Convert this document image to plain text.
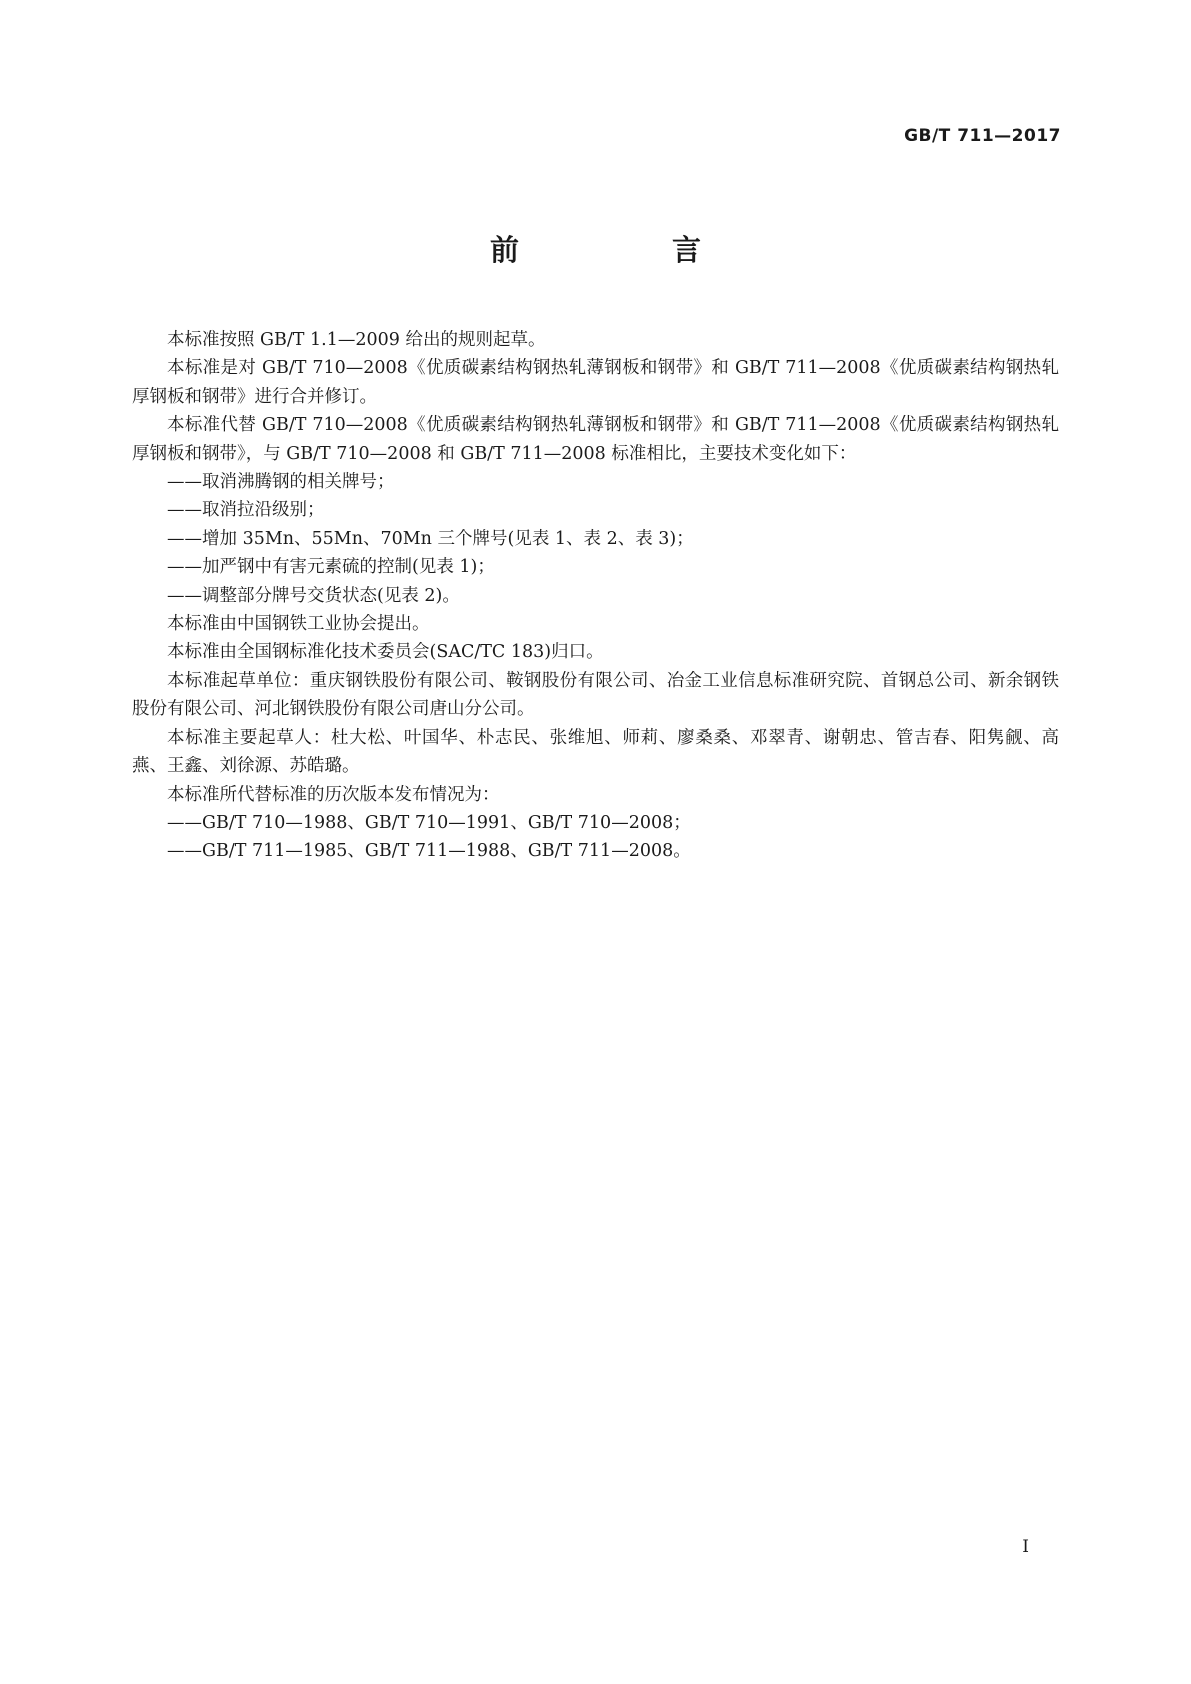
GB/T 711—2017
前　言

本标准按照 GB/T 1.1—2009 给出的规则起草。

本标准是对 GB/T 710—2008《优质碳素结构钢热轧薄钢板和钢带》和 GB/T 711—2008《优质碳素结构钢热轧厚钢板和钢带》进行合并修订。

本标准代替 GB/T 710—2008《优质碳素结构钢热轧薄钢板和钢带》和 GB/T 711—2008《优质碳素结构钢热轧厚钢板和钢带》，与 GB/T 710—2008 和 GB/T 711—2008 标准相比，主要技术变化如下：

——取消沸腾钢的相关牌号；

——取消拉沿级别；

——增加 35Mn、55Mn、70Mn 三个牌号(见表 1、表 2、表 3)；

——加严钢中有害元素硫的控制(见表 1)；

——调整部分牌号交货状态(见表 2)。

本标准由中国钢铁工业协会提出。

本标准由全国钢标准化技术委员会(SAC/TC 183)归口。

本标准起草单位：重庆钢铁股份有限公司、鞍钢股份有限公司、冶金工业信息标准研究院、首钢总公司、新余钢铁股份有限公司、河北钢铁股份有限公司唐山分公司。

本标准主要起草人：杜大松、叶国华、朴志民、张维旭、师莉、廖桑桑、邓翠青、谢朝忠、管吉春、阳隽觎、高燕、王鑫、刘徐源、苏皓璐。

本标准所代替标准的历次版本发布情况为：

——GB/T 710—1988、GB/T 710—1991、GB/T 710—2008；

——GB/T 711—1985、GB/T 711—1988、GB/T 711—2008。

I
